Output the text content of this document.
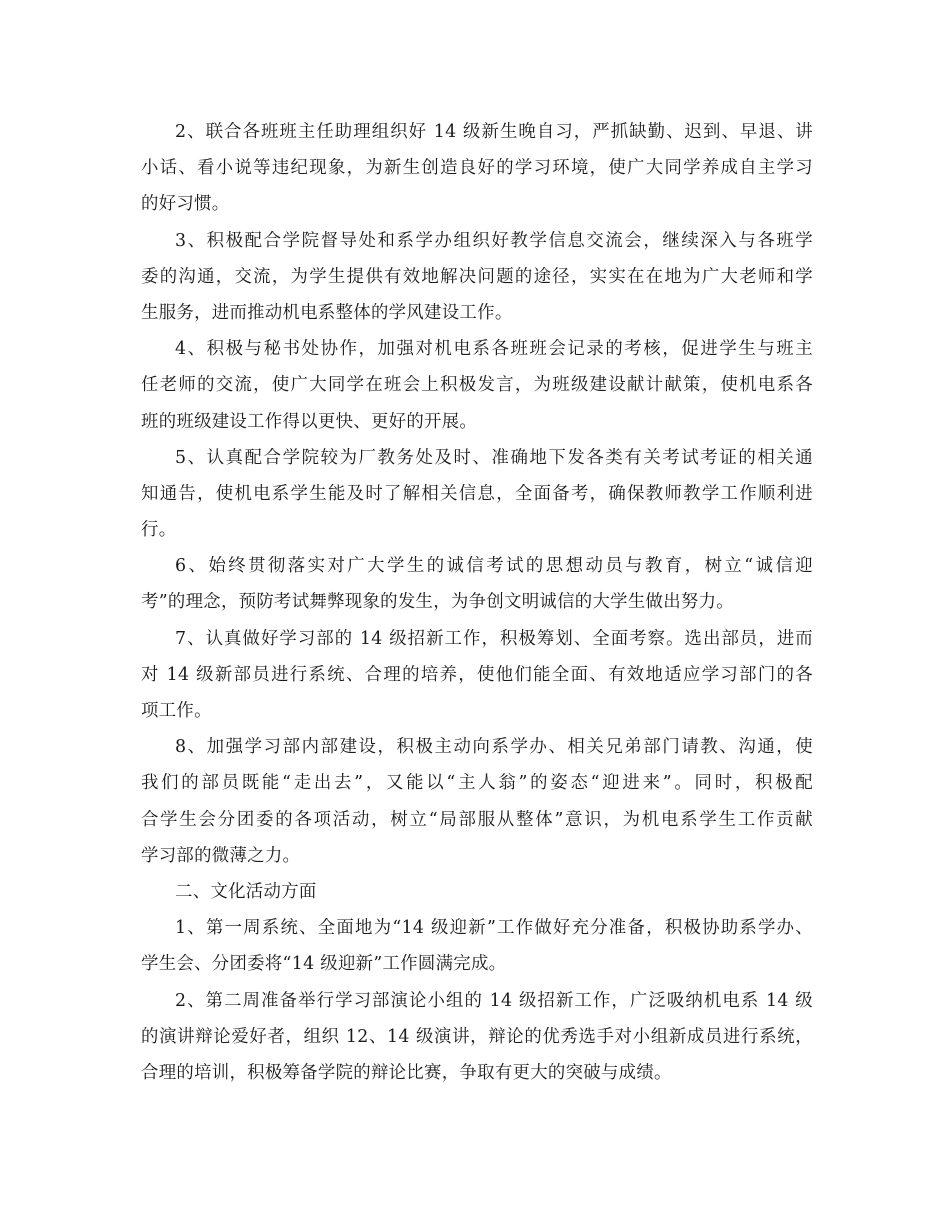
2、联合各班班主任助理组织好 14 级新生晚自习，严抓缺勤、迟到、早退、讲
小话、看小说等违纪现象，为新生创造良好的学习环境，使广大同学养成自主学习
的好习惯。
3、积极配合学院督导处和系学办组织好教学信息交流会，继续深入与各班学
委的沟通，交流，为学生提供有效地解决问题的途径，实实在在地为广大老师和学
生服务，进而推动机电系整体的学风建设工作。
4、积极与秘书处协作，加强对机电系各班班会记录的考核，促进学生与班主
任老师的交流，使广大同学在班会上积极发言，为班级建设献计献策，使机电系各
班的班级建设工作得以更快、更好的开展。
5、认真配合学院较为厂教务处及时、准确地下发各类有关考试考证的相关通
知通告，使机电系学生能及时了解相关信息，全面备考，确保教师教学工作顺利进
行。
6、始终贯彻落实对广大学生的诚信考试的思想动员与教育，树立“诚信迎
考”的理念，预防考试舞弊现象的发生，为争创文明诚信的大学生做出努力。
7、认真做好学习部的 14 级招新工作，积极筹划、全面考察。选出部员，进而
对 14 级新部员进行系统、合理的培养，使他们能全面、有效地适应学习部门的各
项工作。
8、加强学习部内部建设，积极主动向系学办、相关兄弟部门请教、沟通，使
我们的部员既能“走出去”，又能以“主人翁”的姿态“迎进来”。同时，积极配
合学生会分团委的各项活动，树立“局部服从整体”意识，为机电系学生工作贡献
学习部的微薄之力。
二、文化活动方面
1、第一周系统、全面地为“14 级迎新”工作做好充分准备，积极协助系学办、
学生会、分团委将“14 级迎新”工作圆满完成。
2、第二周准备举行学习部演论小组的 14 级招新工作，广泛吸纳机电系 14 级
的演讲辩论爱好者，组织 12、14 级演讲，辩论的优秀选手对小组新成员进行系统，
合理的培训，积极筹备学院的辩论比赛，争取有更大的突破与成绩。
